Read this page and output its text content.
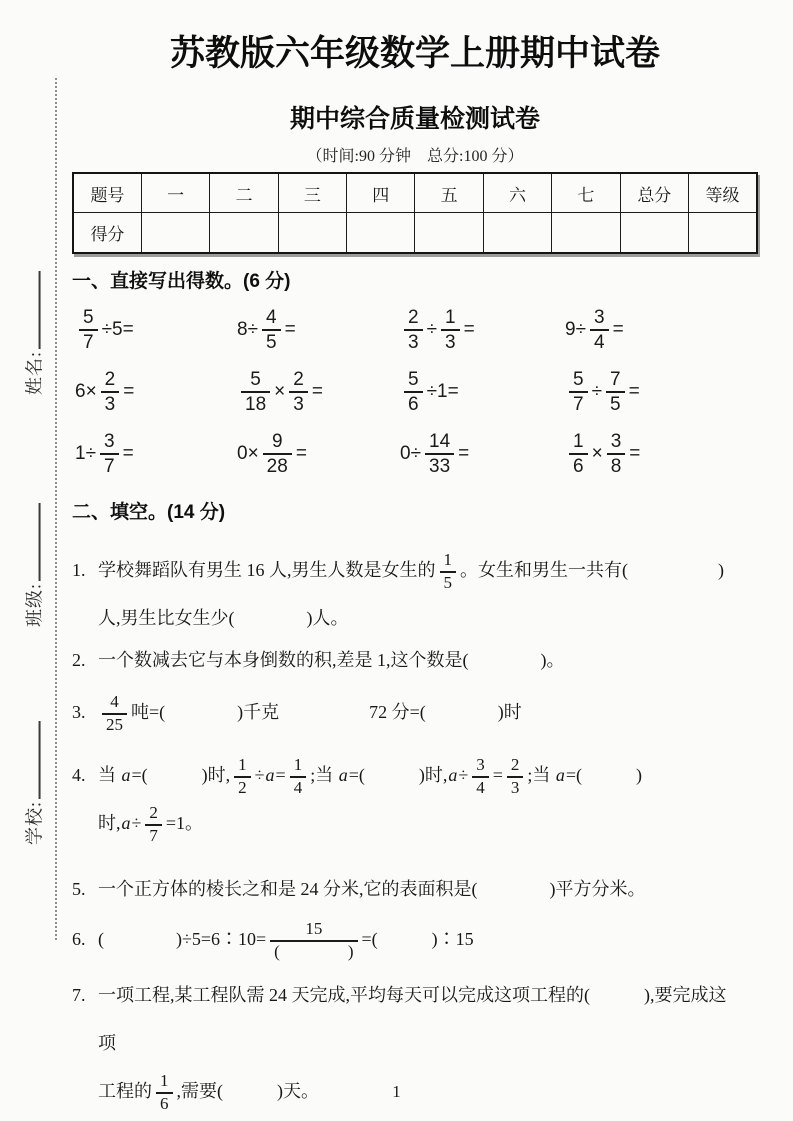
姓名:
班级:
学校:
苏教版六年级数学上册期中试卷
期中综合质量检测试卷
（时间:90 分钟　总分:100 分）
题号	一	二	三	四	五	六	七	总分	等级
得分									
一、直接写出得数。(6 分)
$\frac{5}{7} \div 5=$	$8\div \frac{4}{5}$ =	$\frac{2}{3} \div \frac{1}{3}$ =	$9\div \frac{3}{4}$ =
$6\times \frac{2}{3}$ =	$\frac{5}{18} \times \frac{2}{3}$ =	$\frac{5}{6} \div 1=$	$\frac{5}{7} \div \frac{7}{5}$ =
$1\div \frac{3}{7}$ =	$0\times \frac{9}{28}$ =	$0\div \frac{14}{33}$ =	$\frac{1}{6} \times \frac{3}{8}$ =
二、填空。(14 分)
1. 学校舞蹈队有男生 16 人,男生人数是女生的 $\frac{1}{5}$ 。女生和男生一共有(　　　　　)
人,男生比女生少(　　　　)人。
2. 一个数减去它与本身倒数的积,差是 1,这个数是(　　　　)。
3. $\frac{4}{25}$ 吨=(　　　　)千克　　　　　72 分=(　　　　)时
4. 当 a=(　　　)时, $\frac{1}{2} \div a= \frac{1}{4}$ ;当 a=(　　　)时$,a\div \frac{3}{4} = \frac{2}{3}$ ;当 a=(　　　)
时$,a\div \frac{2}{7} =1$。
5. 一个正方体的棱长之和是 24 分米,它的表面积是(　　　　)平方分米。
6. (　　　　)÷5=6∶10= $\frac{15}{( )}$ =(　　　)∶15
7. 一项工程,某工程队需 24 天完成,平均每天可以完成这项工程的(　　　),要完成这项
工程的 $\frac{1}{6}$ ,需要(　　　)天。	1
